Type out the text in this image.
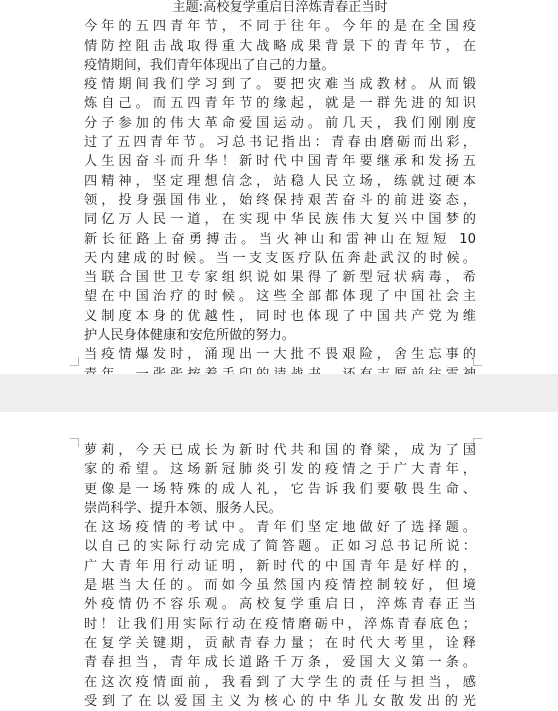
主题:高校复学重启日淬炼青春正当时
今年的五四青年节，不同于往年。今年的是在全国疫
情防控阻击战取得重大战略成果背景下的青年节，在
疫情期间，我们青年体现出了自己的力量。
疫情期间我们学习到了。要把灾难当成教材。从而锻
炼自己。而五四青年节的缘起，就是一群先进的知识
分子参加的伟大革命爱国运动。前几天，我们刚刚度
过了五四青年节。习总书记指出：青春由磨砺而出彩，
人生因奋斗而升华！新时代中国青年要继承和发扬五
四精神，坚定理想信念，站稳人民立场，练就过硬本
领，投身强国伟业，始终保持艰苦奋斗的前进姿态，
同亿万人民一道，在实现中华民族伟大复兴中国梦的
新长征路上奋勇搏击。当火神山和雷神山在短短 10
天内建成的时候。当一支支医疗队伍奔赴武汉的时候。
当联合国世卫专家组织说如果得了新型冠状病毒，希
望在中国治疗的时候。这些全部都体现了中国社会主
义制度本身的优越性，同时也体现了中国共产党为维
护人民身体健康和安危所做的努力。
当疫情爆发时，涌现出一大批不畏艰险，舍生忘事的
萝莉，今天已成长为新时代共和国的脊梁，成为了国
家的希望。这场新冠肺炎引发的疫情之于广大青年，
更像是一场特殊的成人礼，它告诉我们要敬畏生命、
崇尚科学、提升本领、服务人民。
在这场疫情的考试中。青年们坚定地做好了选择题。
以自己的实际行动完成了简答题。正如习总书记所说：
广大青年用行动证明，新时代的中国青年是好样的，
是堪当大任的。而如今虽然国内疫情控制较好，但境
外疫情仍不容乐观。高校复学重启日，淬炼青春正当
时！让我们用实际行动在疫情磨砺中，淬炼青春底色；
在复学关键期，贡献青春力量；在时代大考里，诠释
青春担当，青年成长道路千万条，爱国大义第一条。
在这次疫情面前，我看到了大学生的责任与担当，感
受到了在以爱国主义为核心的中华儿女散发出的光
